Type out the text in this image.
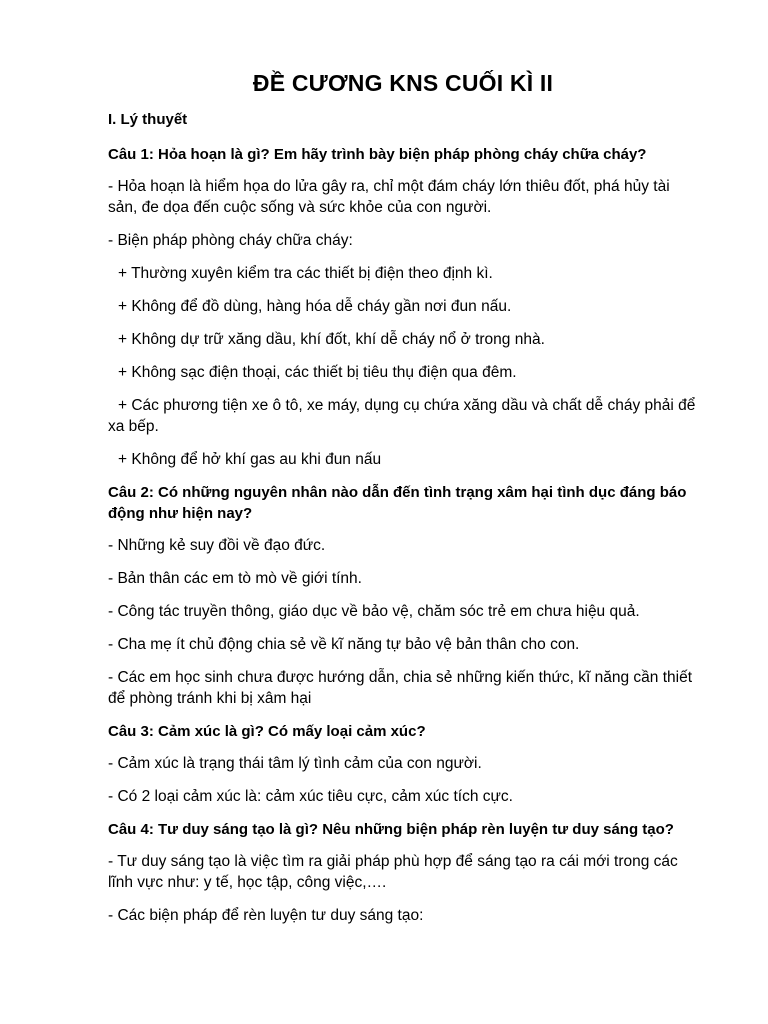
ĐỀ CƯƠNG KNS CUỐI KÌ II
I. Lý thuyết
Câu 1: Hỏa hoạn là gì? Em hãy trình bày biện pháp phòng cháy chữa cháy?
- Hỏa hoạn là hiểm họa do lửa gây ra, chỉ một đám cháy lớn thiêu đốt, phá hủy tài sản, đe dọa đến cuộc sống và sức khỏe của con người.
- Biện pháp phòng cháy chữa cháy:
+ Thường xuyên kiểm tra các thiết bị điện theo định kì.
+ Không để đồ dùng, hàng hóa dễ cháy gần nơi đun nấu.
+ Không dự trữ xăng dầu, khí đốt, khí dễ cháy nổ ở trong nhà.
+ Không sạc điện thoại, các thiết bị tiêu thụ điện qua đêm.
+ Các phương tiện xe ô tô, xe máy, dụng cụ chứa xăng dầu và chất dễ cháy phải để xa bếp.
+ Không để hở khí gas au khi đun nấu
Câu 2: Có những nguyên nhân nào dẫn đến tình trạng xâm hại tình dục đáng báo động như hiện nay?
- Những kẻ suy đồi về đạo đức.
- Bản thân các em tò mò về giới tính.
- Công tác truyền thông, giáo dục về bảo vệ, chăm sóc trẻ em chưa hiệu quả.
- Cha mẹ ít chủ động chia sẻ về kĩ năng tự bảo vệ bản thân cho con.
- Các em học sinh chưa được hướng dẫn, chia sẻ những kiến thức, kĩ năng cần thiết để phòng tránh khi bị xâm hại
Câu 3: Cảm xúc là gì? Có mấy loại cảm xúc?
- Cảm xúc là trạng thái tâm lý tình cảm của con người.
- Có 2 loại cảm xúc là: cảm xúc tiêu cực, cảm xúc tích cực.
Câu 4: Tư duy sáng tạo là gì? Nêu những biện pháp rèn luyện tư duy sáng tạo?
- Tư duy sáng tạo là việc tìm ra giải pháp phù hợp để sáng tạo ra cái mới trong các lĩnh vực như: y tế, học tập, công việc,….
- Các biện pháp để rèn luyện tư duy sáng tạo:
